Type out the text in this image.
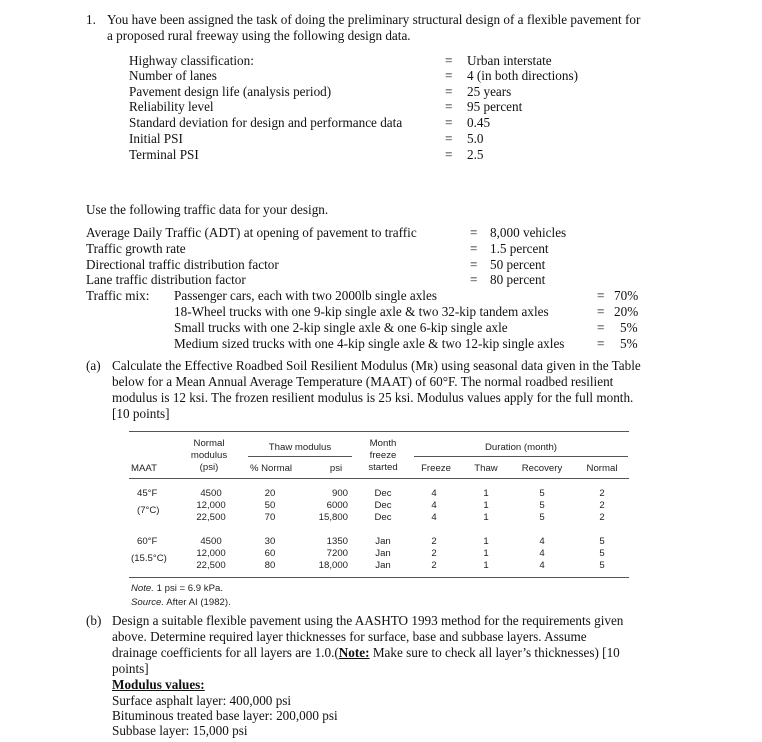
1. You have been assigned the task of doing the preliminary structural design of a flexible pavement for
a proposed rural freeway using the following design data.
Highway classification:	= Urban interstate
Number of lanes	= 4 (in both directions)
Pavement design life (analysis period)	= 25 years
Reliability level	= 95 percent
Standard deviation for design and performance data	= 0.45
Initial PSI	= 5.0
Terminal PSI	= 2.5
Use the following traffic data for your design.
Average Daily Traffic (ADT) at opening of pavement to traffic	= 8,000 vehicles
Traffic growth rate	= 1.5 percent
Directional traffic distribution factor	= 50 percent
Lane traffic distribution factor	= 80 percent
Traffic mix: Passenger cars, each with two 2000lb single axles	= 70%
18-Wheel trucks with one 9-kip single axle & two 32-kip tandem axles	= 20%
Small trucks with one 2-kip single axle & one 6-kip single axle	= 5%
Medium sized trucks with one 4-kip single axle & two 12-kip single axles = 5%
(a) Calculate the Effective Roadbed Soil Resilient Modulus (Mʀ) using seasonal data given in the Table
below for a Mean Annual Average Temperature (MAAT) of 60°F. The normal roadbed resilient
modulus is 12 ksi. The frozen resilient modulus is 25 ksi. Modulus values apply for the full month.
[10 points]
Normal
modulus
(psi)
Thaw modulus
% Normal	psi
Month
freeze
started
Duration (month)
Freeze	Thaw	Recovery	Normal
MAAT
45°F
(7°C)
4500	20	900	Dec	4	1	5	2
12,000	50	6000	Dec	4	1	5	2
22,500	70	15,800	Dec	4	1	5	2
60°F
(15.5°C)
4500	30	1350	Jan	2	1	4	5
12,000	60	7200	Jan	2	1	4	5
22,500	80	18,000	Jan	2	1	4	5
Note. 1 psi = 6.9 kPa.
Source. After AI (1982).
(b) Design a suitable flexible pavement using the AASHTO 1993 method for the requirements given
above. Determine required layer thicknesses for surface, base and subbase layers. Assume
drainage coefficients for all layers are 1.0.(Note: Make sure to check all layer’s thicknesses) [10
points]
Modulus values:
Surface asphalt layer: 400,000 psi
Bituminous treated base layer: 200,000 psi
Subbase layer: 15,000 psi
